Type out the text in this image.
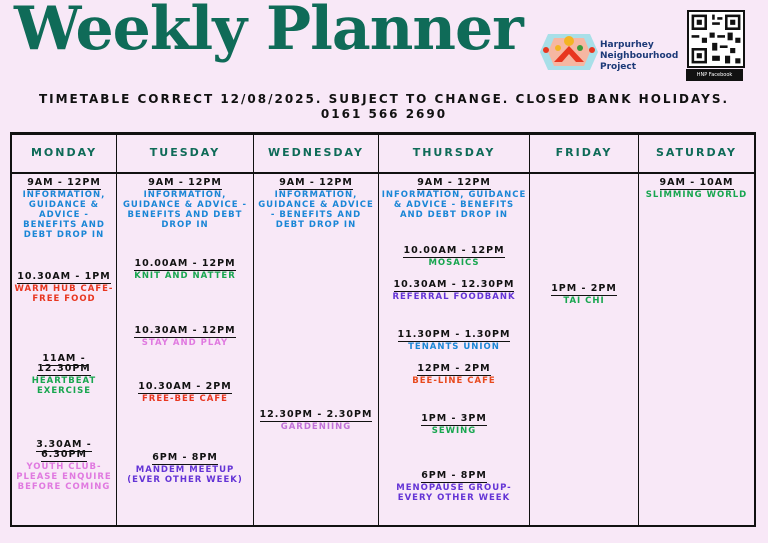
Weekly Planner	Harpurhey
Neighbourhood
Project
HNP Facebook
TIMETABLE CORRECT 12/08/2025. SUBJECT TO CHANGE. CLOSED BANK HOLIDAYS.
0161 566 2690
MONDAY
9AM - 12PM
INFORMATION, GUIDANCE & ADVICE - BENEFITS AND DEBT DROP IN
10.30AM - 1PM
WARM HUB CAFE- FREE FOOD
11AM - 12.30PM
HEARTBEAT EXERCISE
3.30AM - 6.30PM
YOUTH CLUB- PLEASE ENQUIRE BEFORE COMING
TUESDAY
9AM - 12PM
INFORMATION, GUIDANCE & ADVICE - BENEFITS AND DEBT DROP IN
10.00AM - 12PM
KNIT AND NATTER
10.30AM - 12PM
STAY AND PLAY
10.30AM - 2PM
FREE-BEE CAFE
6PM - 8PM
MANDEM MEETUP (EVER OTHER WEEK)
WEDNESDAY
9AM - 12PM
INFORMATION, GUIDANCE & ADVICE - BENEFITS AND DEBT DROP IN
12.30PM - 2.30PM
GARDENIING
THURSDAY
9AM - 12PM
INFORMATION, GUIDANCE & ADVICE - BENEFITS AND DEBT DROP IN
10.00AM - 12PM
MOSAICS
10.30AM - 12.30PM
REFERRAL FOODBANK
11.30PM - 1.30PM
TENANTS UNION
12PM - 2PM
BEE-LINE CAFE
1PM - 3PM
SEWING
6PM - 8PM
MENOPAUSE GROUP- EVERY OTHER WEEK
FRIDAY
1PM - 2PM
TAI CHI
SATURDAY
9AM - 10AM
SLIMMING WORLD
